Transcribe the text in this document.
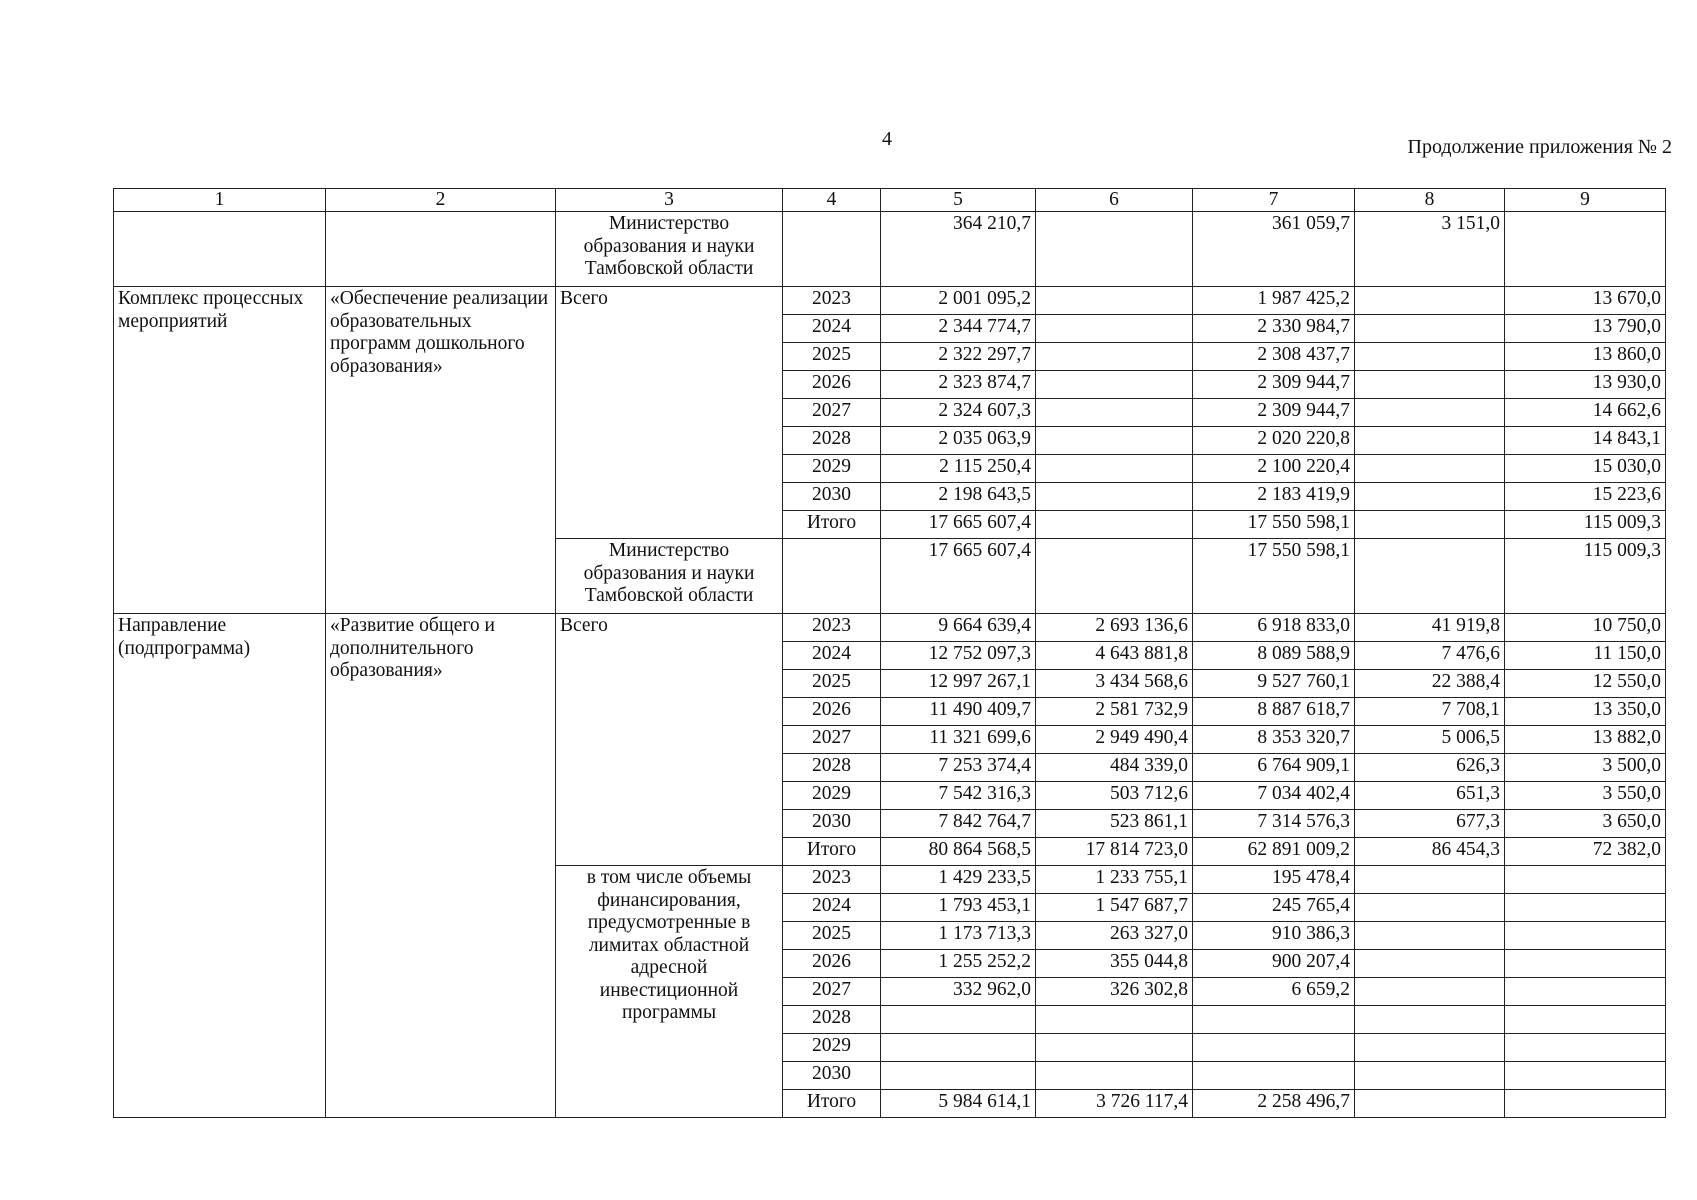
4	Продолжение приложения № 2
1	2	3	4	5	6	7	8	9
		Министерство образования и науки Тамбовской области		364 210,7		361 059,7	3 151,0	
Комплекс процессных мероприятий	«Обеспечение реализации образовательных программ дошкольного образования»	Всего	2023	2 001 095,2		1 987 425,2		13 670,0
			2024	2 344 774,7		2 330 984,7		13 790,0
			2025	2 322 297,7		2 308 437,7		13 860,0
			2026	2 323 874,7		2 309 944,7		13 930,0
			2027	2 324 607,3		2 309 944,7		14 662,6
			2028	2 035 063,9		2 020 220,8		14 843,1
			2029	2 115 250,4		2 100 220,4		15 030,0
			2030	2 198 643,5		2 183 419,9		15 223,6
			Итого	17 665 607,4		17 550 598,1		115 009,3
		Министерство образования и науки Тамбовской области		17 665 607,4		17 550 598,1		115 009,3
Направление (подпрограмма)	«Развитие общего и дополнительного образования»	Всего	2023	9 664 639,4	2 693 136,6	6 918 833,0	41 919,8	10 750,0
			2024	12 752 097,3	4 643 881,8	8 089 588,9	7 476,6	11 150,0
			2025	12 997 267,1	3 434 568,6	9 527 760,1	22 388,4	12 550,0
			2026	11 490 409,7	2 581 732,9	8 887 618,7	7 708,1	13 350,0
			2027	11 321 699,6	2 949 490,4	8 353 320,7	5 006,5	13 882,0
			2028	7 253 374,4	484 339,0	6 764 909,1	626,3	3 500,0
			2029	7 542 316,3	503 712,6	7 034 402,4	651,3	3 550,0
			2030	7 842 764,7	523 861,1	7 314 576,3	677,3	3 650,0
			Итого	80 864 568,5	17 814 723,0	62 891 009,2	86 454,3	72 382,0
		в том числе объемы финансирования, предусмотренные в лимитах областной адресной инвестиционной программы	2023	1 429 233,5	1 233 755,1	195 478,4		
			2024	1 793 453,1	1 547 687,7	245 765,4		
			2025	1 173 713,3	263 327,0	910 386,3		
			2026	1 255 252,2	355 044,8	900 207,4		
			2027	332 962,0	326 302,8	6 659,2		
			2028					
			2029					
			2030					
			Итого	5 984 614,1	3 726 117,4	2 258 496,7		
